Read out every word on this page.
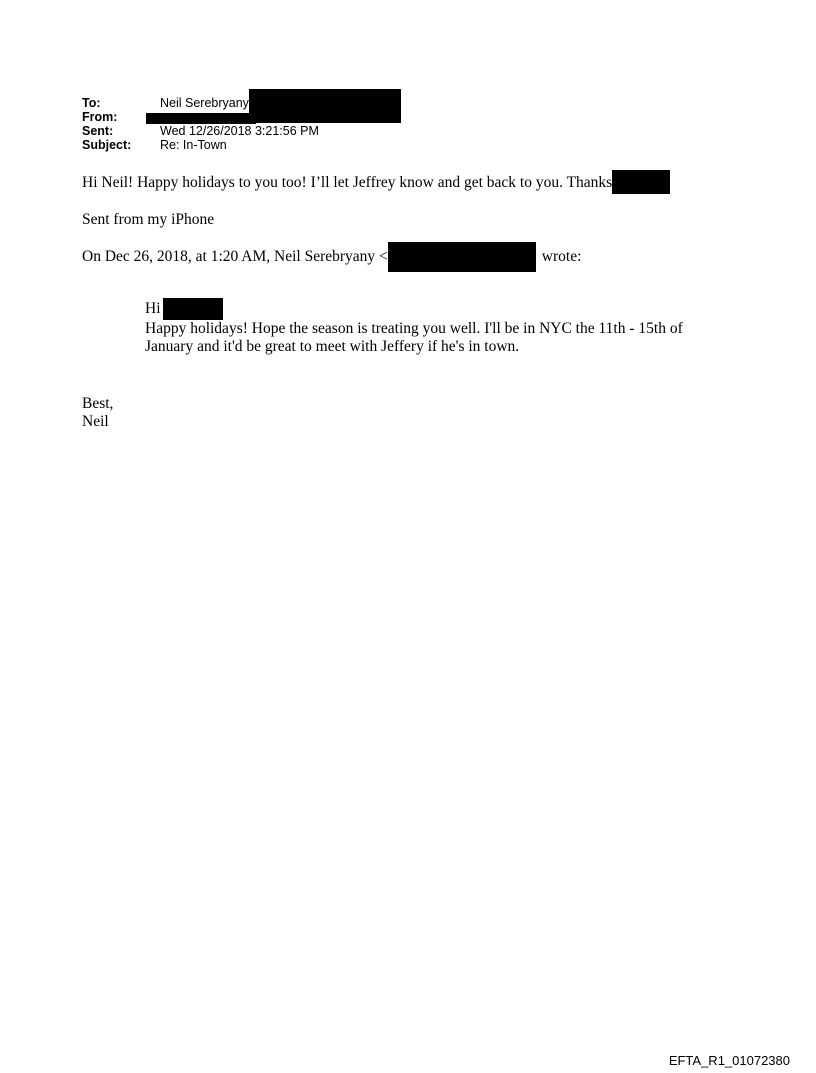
To:	Neil Serebryany
From:
Sent:	Wed 12/26/2018 3:21:56 PM
Subject:	Re: In-Town
Hi Neil! Happy holidays to you too! I’ll let Jeffrey know and get back to you. Thanks
Sent from my iPhone
On Dec 26, 2018, at 1:20 AM, Neil Serebryany <	wrote:
Hi
Happy holidays! Hope the season is treating you well. I'll be in NYC the 11th - 15th of January and it'd be great to meet with Jeffery if he's in town.
Best,
Neil
EFTA_R1_01072380
